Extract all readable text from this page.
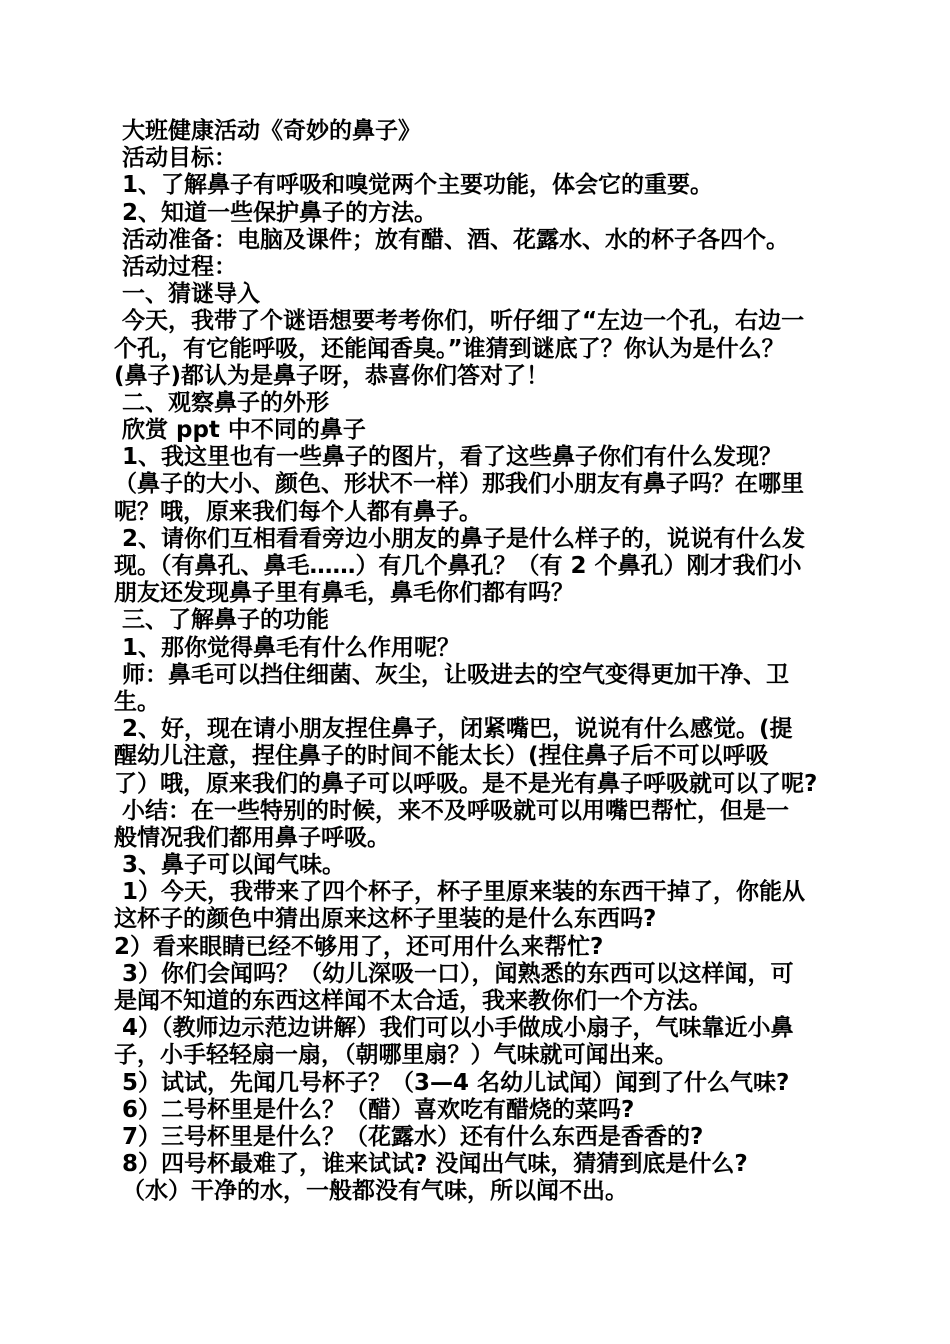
大班健康活动《奇妙的鼻子》
活动目标：
1、了解鼻子有呼吸和嗅觉两个主要功能，体会它的重要。
2、知道一些保护鼻子的方法。
活动准备：电脑及课件；放有醋、酒、花露水、水的杯子各四个。
活动过程：
一、猜谜导入
今天，我带了个谜语想要考考你们，听仔细了“左边一个孔，右边一
个孔，有它能呼吸，还能闻香臭。”谁猜到谜底了？你认为是什么？
(鼻子)都认为是鼻子呀，恭喜你们答对了！
二、观察鼻子的外形
欣赏 ppt 中不同的鼻子
1、我这里也有一些鼻子的图片，看了这些鼻子你们有什么发现？
（鼻子的大小、颜色、形状不一样）那我们小朋友有鼻子吗？在哪里
呢？哦，原来我们每个人都有鼻子。
2、请你们互相看看旁边小朋友的鼻子是什么样子的，说说有什么发
现。（有鼻孔、鼻毛……）有几个鼻孔？（有 2 个鼻孔）刚才我们小
朋友还发现鼻子里有鼻毛，鼻毛你们都有吗？
三、了解鼻子的功能
1、那你觉得鼻毛有什么作用呢？
师：鼻毛可以挡住细菌、灰尘，让吸进去的空气变得更加干净、卫
生。
2、好，现在请小朋友捏住鼻子，闭紧嘴巴，说说有什么感觉。(提
醒幼儿注意，捏住鼻子的时间不能太长）(捏住鼻子后不可以呼吸
了）哦，原来我们的鼻子可以呼吸。是不是光有鼻子呼吸就可以了呢?
小结：在一些特别的时候，来不及呼吸就可以用嘴巴帮忙，但是一
般情况我们都用鼻子呼吸。
3、鼻子可以闻气味。
1）今天，我带来了四个杯子，杯子里原来装的东西干掉了，你能从
这杯子的颜色中猜出原来这杯子里装的是什么东西吗?
2）看来眼睛已经不够用了，还可用什么来帮忙?
3）你们会闻吗？（幼儿深吸一口），闻熟悉的东西可以这样闻，可
是闻不知道的东西这样闻不太合适，我来教你们一个方法。
4）（教师边示范边讲解）我们可以小手做成小扇子，气味靠近小鼻
子，小手轻轻扇一扇，（朝哪里扇？）气味就可闻出来。
5）试试，先闻几号杯子？（3—4 名幼儿试闻）闻到了什么气味?
6）二号杯里是什么？（醋）喜欢吃有醋烧的菜吗?
7）三号杯里是什么？（花露水）还有什么东西是香香的?
8）四号杯最难了，谁来试试? 没闻出气味，猜猜到底是什么?
（水）干净的水，一般都没有气味，所以闻不出。
